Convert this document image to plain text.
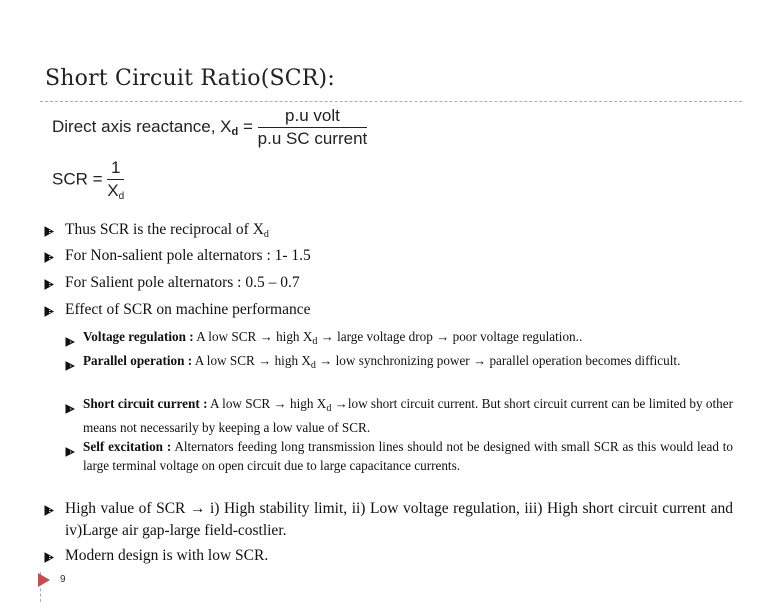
Short Circuit Ratio(SCR):
Direct axis reactance, $Xd = \frac{\text{p.u volt}}{\text{p.u SC current}}$
SCR = $\frac{1}{X_d}$
Thus SCR is the reciprocal of $X_d$
For Non-salient pole alternators : 1- 1.5
For Salient pole alternators : 0.5 – 0.7
Effect of SCR on machine performance
Voltage regulation : A low SCR → high $X_d$ → large voltage drop → poor voltage regulation..
Parallel operation : A low SCR → high $X_d$ → low synchronizing power → parallel operation becomes difficult.
Short circuit current : A low SCR → high $X_d \to low$ short circuit current. But short circuit current can be limited by other means not necessarily by keeping a low value of SCR.
Self excitation : Alternators feeding long transmission lines should not be designed with small SCR as this would lead to large terminal voltage on open circuit due to large capacitance currents.
High value of SCR → i) High stability limit, ii) Low voltage regulation, iii) High short circuit current and iv)Large air gap-large field-costlier.
Modern design is with low SCR.
9
